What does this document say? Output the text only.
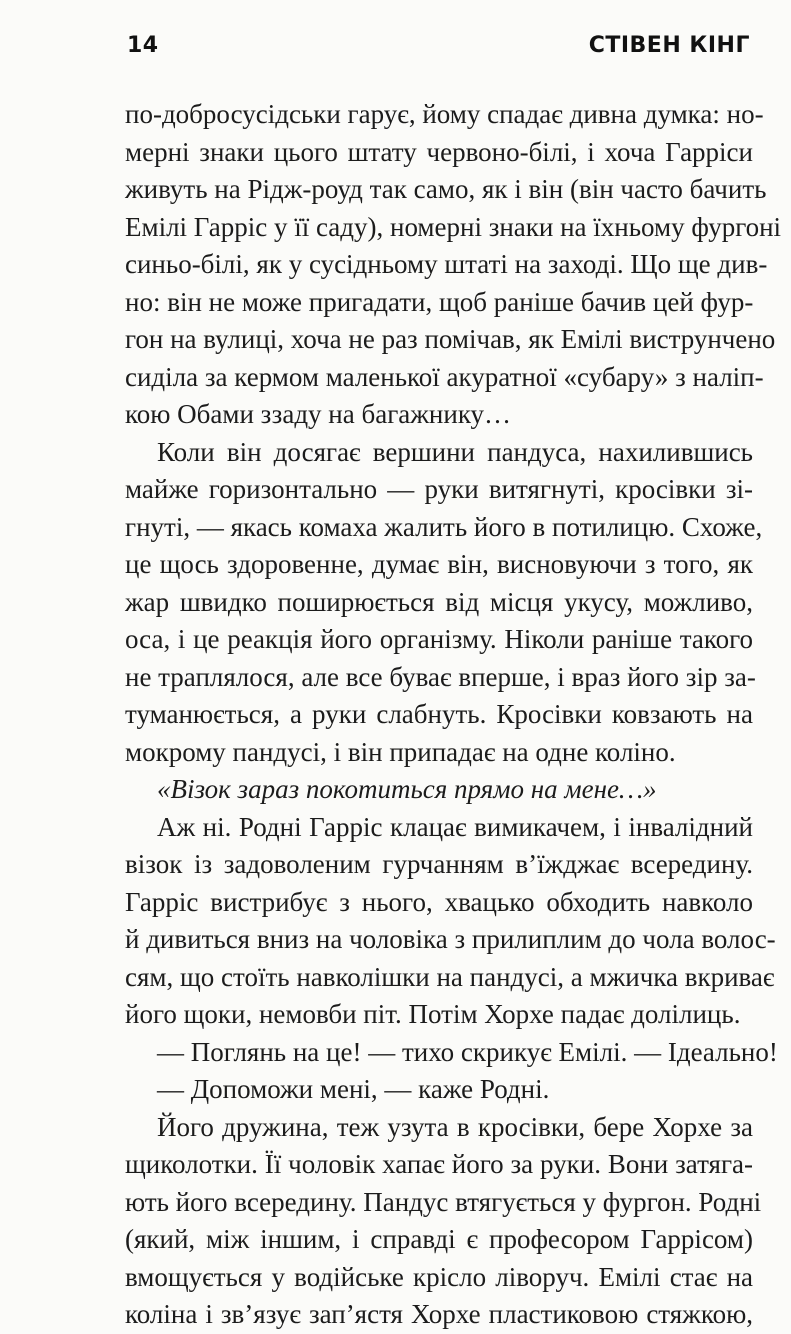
14	СТІВЕН КІНГ
по-добросусідськи гарує, йому спадає дивна думка: но-
мерні знаки цього штату червоно-білі, і хоча Гарріси
живуть на Рідж-роуд так само, як і він (він часто бачить
Емілі Гарріс у її саду), номерні знаки на їхньому фургоні
синьо-білі, як у сусідньому штаті на заході. Що ще див-
но: він не може пригадати, щоб раніше бачив цей фур-
гон на вулиці, хоча не раз помічав, як Емілі виструнчено
сиділа за кермом маленької акуратної «субару» з наліп-
кою Обами ззаду на багажнику…
Коли він досягає вершини пандуса, нахилившись
майже горизонтально — руки витягнуті, кросівки зі-
гнуті, — якась комаха жалить його в потилицю. Схоже,
це щось здоровенне, думає він, висновуючи з того, як
жар швидко поширюється від місця укусу, можливо,
оса, і це реакція його організму. Ніколи раніше такого
не траплялося, але все буває вперше, і враз його зір за-
туманюється, а руки слабнуть. Кросівки ковзають на
мокрому пандусі, і він припадає на одне коліно.
«Візок зараз покотиться прямо на мене…»
Аж ні. Родні Гарріс клацає вимикачем, і інвалідний
візок із задоволеним гурчанням в’їжджає всередину.
Гарріс вистрибує з нього, хвацько обходить навколо
й дивиться вниз на чоловіка з прилиплим до чола волос-
сям, що стоїть навколішки на пандусі, а мжичка вкриває
його щоки, немовби піт. Потім Хорхе падає долілиць.
— Поглянь на це! — тихо скрикує Емілі. — Ідеально!
— Допоможи мені, — каже Родні.
Його дружина, теж узута в кросівки, бере Хорхе за
щиколотки. Її чоловік хапає його за руки. Вони затяга-
ють його всередину. Пандус втягується у фургон. Родні
(який, між іншим, і справді є професором Гаррісом)
вмощується у водійське крісло ліворуч. Емілі стає на
коліна і зв’язує зап’ястя Хорхе пластиковою стяжкою,
